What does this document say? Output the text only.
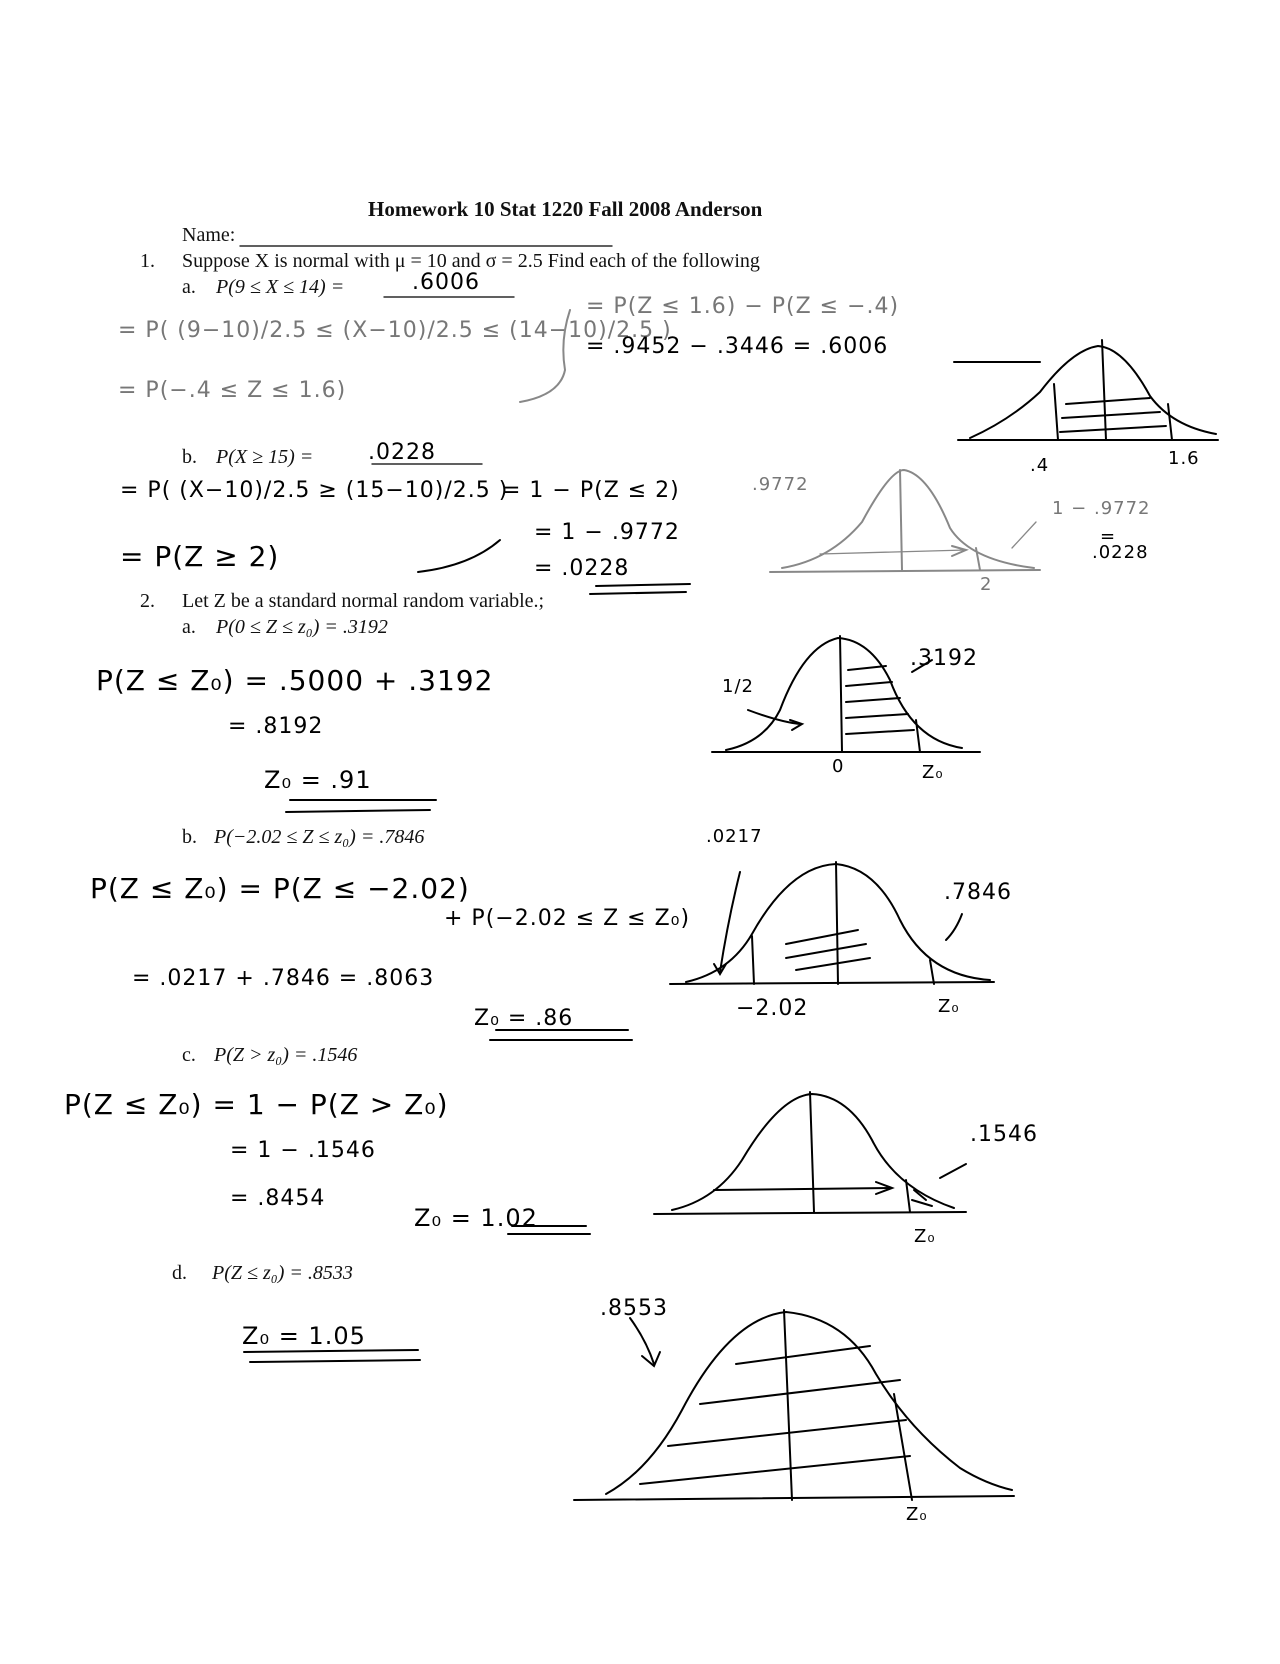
Homework 10 Stat 1220 Fall 2008 Anderson
Name:
1. Suppose X is normal with μ = 10 and σ = 2.5 Find each of the following
a. P(9 ≤ X ≤ 14) =	.6006
= P( (9−10)/2.5 ≤ (X−10)/2.5 ≤ (14−10)/2.5 )
= P(−.4 ≤ Z ≤ 1.6)
= P(Z ≤ 1.6) − P(Z ≤ −.4)
= .9452 − .3446 = .6006
.4	1.6
b. P(X ≥ 15) = .0228
= P( (X−10)/2.5 ≥ (15−10)/2.5 )
= P(Z ≥ 2)
= 1 − P(Z ≤ 2)
= 1 − .9772
= .0228
.9772
1 − .9772
=
.0228
2
2. Let Z be a standard normal random variable.;
a. P(0 ≤ Z ≤ z₀) = .3192
P(Z ≤ Z₀) = .5000 + .3192
= .8192
Z₀ = .91
.3192
1/2
0	Z₀
b. P(−2.02 ≤ Z ≤ z₀) = .7846
P(Z ≤ Z₀) = P(Z ≤ −2.02)
+ P(−2.02 ≤ Z ≤ Z₀)
= .0217 + .7846 = .8063
Z₀ = .86
.0217
.7846
−2.02	Z₀
c. P(Z > z₀) = .1546
P(Z ≤ Z₀) = 1 − P(Z > Z₀)
= 1 − .1546
= .8454
Z₀ = 1.02
.1546
Z₀
d. P(Z ≤ z₀) = .8533
Z₀ = 1.05
.8553
Z₀
